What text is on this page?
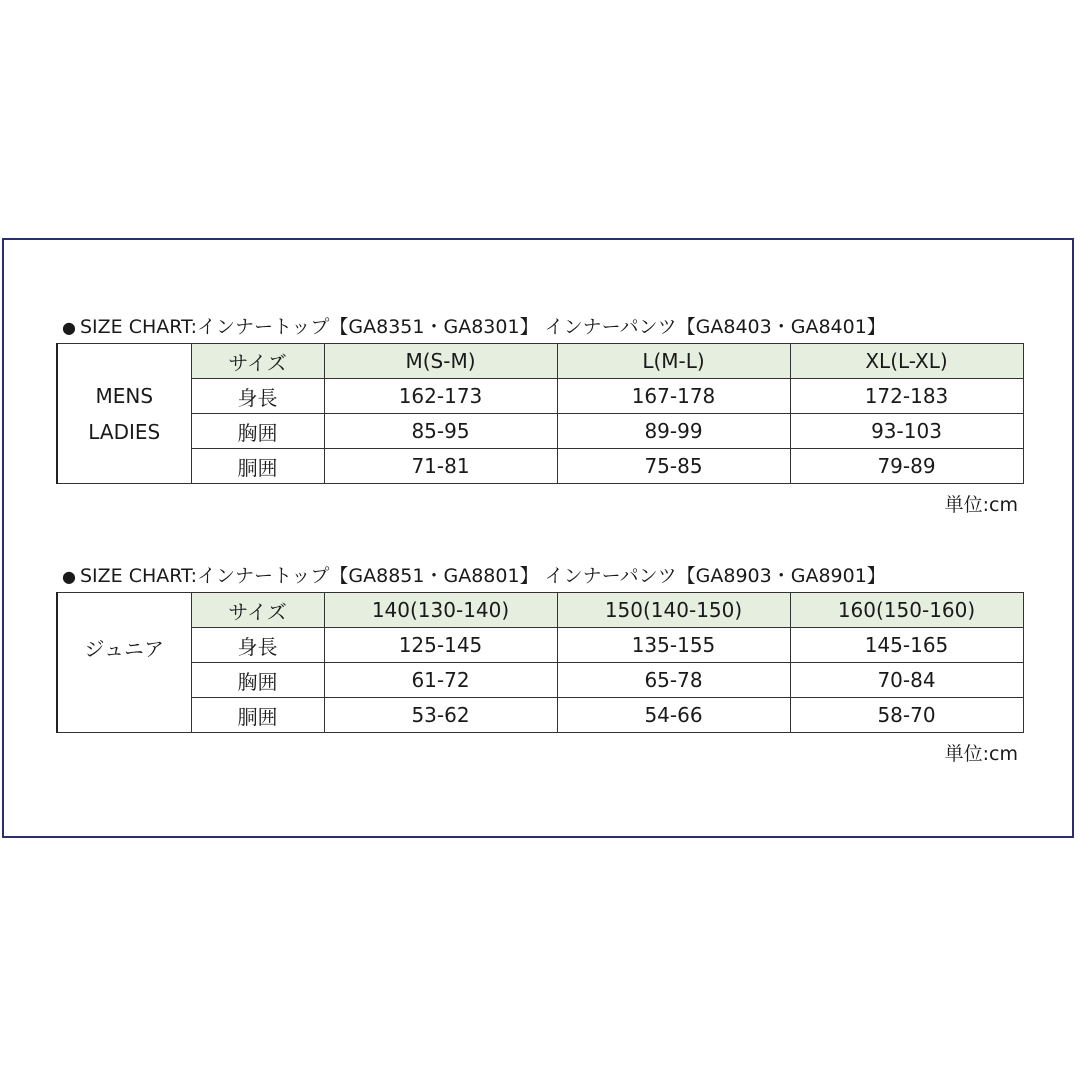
● SIZE CHART:インナートップ【GA8351・GA8301】 インナーパンツ【GA8403・GA8401】
MENS
LADIES	サイズ	M(S-M)	L(M-L)	XL(L-XL)
	身長	162-173	167-178	172-183
	胸囲	85-95	89-99	93-103
	胴囲	71-81	75-85	79-89
単位:cm
● SIZE CHART:インナートップ【GA8851・GA8801】 インナーパンツ【GA8903・GA8901】
ジュニア	サイズ	140(130-140)	150(140-150)	160(150-160)
	身長	125-145	135-155	145-165
	胸囲	61-72	65-78	70-84
	胴囲	53-62	54-66	58-70
単位:cm
